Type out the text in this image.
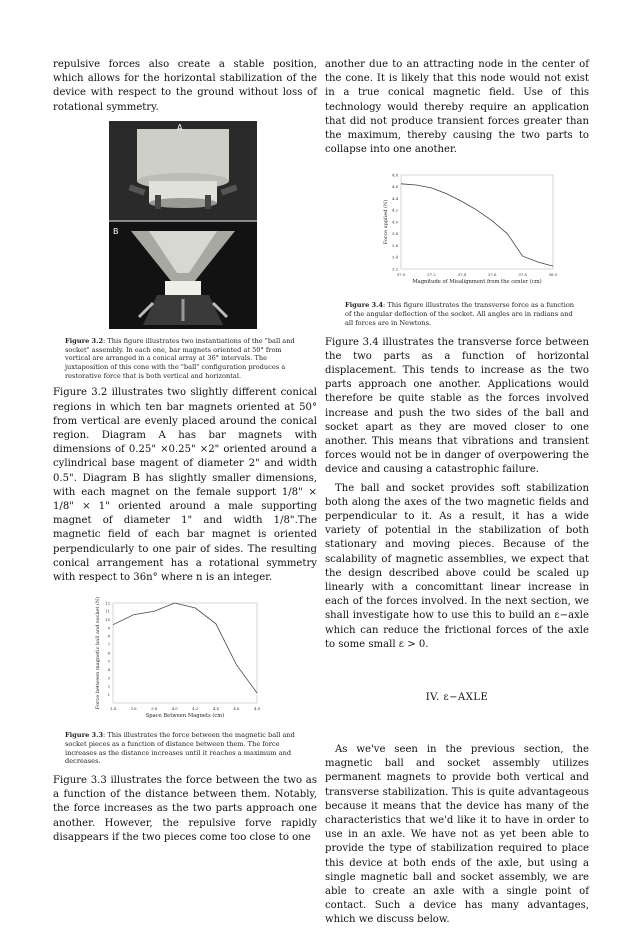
repulsive forces also create a stable position, which allows for the horizontal stabilization of the device with respect to the ground without loss of rotational symmetry.

A
B

Figure 3.2: This figure illustrates two instantiations of the "ball and socket" assembly. In each one, bar magnets oriented at 50° from vertical are arranged in a conical array at 36° intervals. The juxtaposition of this cone with the "ball" configuration produces a restorative force that is both vertical and horizontal.

Figure 3.2 illustrates two slightly different conical regions in which ten bar magnets oriented at 50° from vertical are evenly placed around the conical region. Diagram A has bar magnets with dimensions of 0.25" ×0.25" ×2" oriented around a cylindrical base magent of diameter 2" and width 0.5". Diagram B has slightly smaller dimensions, with each magnet on the female support 1/8" × 1/8" × 1" oriented around a male supporting magnet of diameter 1" and width 1/8".The magnetic field of each bar magnet is oriented perpendicularly to one pair of sides. The resulting conical arrangement has a rotational symmetry with respect to 36n° where n is an integer.

3.4	3.6	3.8	4.0	4.2	4.4	4.6	4.8
1
2
3
4
5
6
7
8
9
10
11
12
Space Between Magnets (cm)
Force between magnetic ball and socket (N)

Figure 3.3: This illustrates the force between the magnetic ball and socket pieces as a function of distance between them. The force increases as the distance increases until it reaches a maximum and decreases.

Figure 3.3 illustrates the force between the two as a function of the distance between them. Notably, the force increases as the two parts approach one another. However, the repulsive forve rapidly disappears if the two pieces come too close to one

another due to an attracting node in the center of the cone. It is likely that this node would not exist in a true conical magnetic field. Use of this technology would thereby require an application that did not produce transient forces greater than the maximum, thereby causing the two parts to collapse into one another.

37.0	37.2	37.4	37.6	37.8	38.0
3.2
3.4
3.6
3.8
4.0
4.2
4.4
4.6
4.8
Magnitude of Misalignment from the center (cm)
Force applied (N)

Figure 3.4: This figure illustrates the transverse force as a function of the angular deflection of the socket. All angles are in radians and all forces are in Newtons.

Figure 3.4 illustrates the transverse force between the two parts as a function of horizontal displacement. This tends to increase as the two parts approach one another. Applications would therefore be quite stable as the forces involved increase and push the two sides of the ball and socket apart as they are moved closer to one another. This means that vibrations and transient forces would not be in danger of overpowering the device and causing a catastrophic failure.

The ball and socket provides soft stabilization both along the axes of the two magnetic fields and perpendicular to it. As a result, it has a wide variety of potential in the stabilization of both stationary and moving pieces. Because of the scalability of magnetic assemblies, we expect that the design described above could be scaled up linearly with a concomittant linear increase in each of the forces involved. In the next section, we shall investigate how to use this to build an ε−axle which can reduce the frictional forces of the axle to some small ε > 0.

IV. ε−AXLE

As we've seen in the previous section, the magnetic ball and socket assembly utilizes permanent magnets to provide both vertical and transverse stabilization. This is quite advantageous because it means that the device has many of the characteristics that we'd like it to have in order to use in an axle. We have not as yet been able to provide the type of stabilization required to place this device at both ends of the axle, but using a single magnetic ball and socket assembly, we are able to create an axle with a single point of contact. Such a device has many advantages, which we discuss below.
